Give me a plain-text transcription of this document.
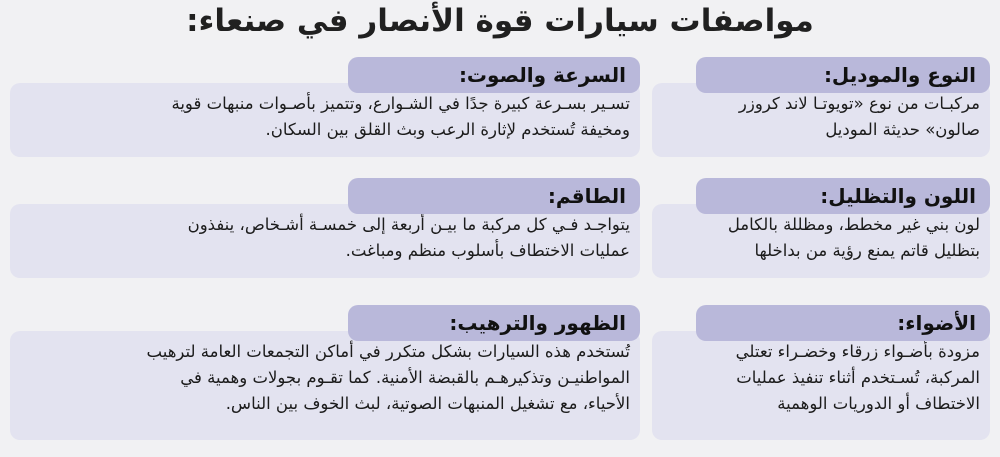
مواصفات سيارات قوة الأنصار في صنعاء:
مركبـات من نوع «تويوتـا لاند كروزر
صالون» حديثة الموديل
النوع والموديل:
لون بني غير مخطط، ومظللة بالكامل
بتظليل قاتم يمنع رؤية من بداخلها
اللون والتظليل:
مزودة بأضـواء زرقاء وخضـراء تعتلي
المركبة، تُسـتخدم أثناء تنفيذ عمليات
الاختطاف أو الدوريات الوهمية
الأضواء:
تسـير بسـرعة كبيرة جدًا في الشـوارع، وتتميز بأصـوات منبهات قوية
ومخيفة تُستخدم لإثارة الرعب وبث القلق بين السكان.
السرعة والصوت:
يتواجـد فـي كل مركبة ما بيـن أربعة إلى خمسـة أشـخاص، ينفذون
عمليات الاختطاف بأسلوب منظم ومباغت.
الطاقم:
تُستخدم هذه السيارات بشكل متكرر في أماكن التجمعات العامة لترهيب
المواطنيـن وتذكيرهـم بالقبضة الأمنية. كما تقـوم بجولات وهمية في
الأحياء، مع تشغيل المنبهات الصوتية، لبث الخوف بين الناس.
الظهور والترهيب:
